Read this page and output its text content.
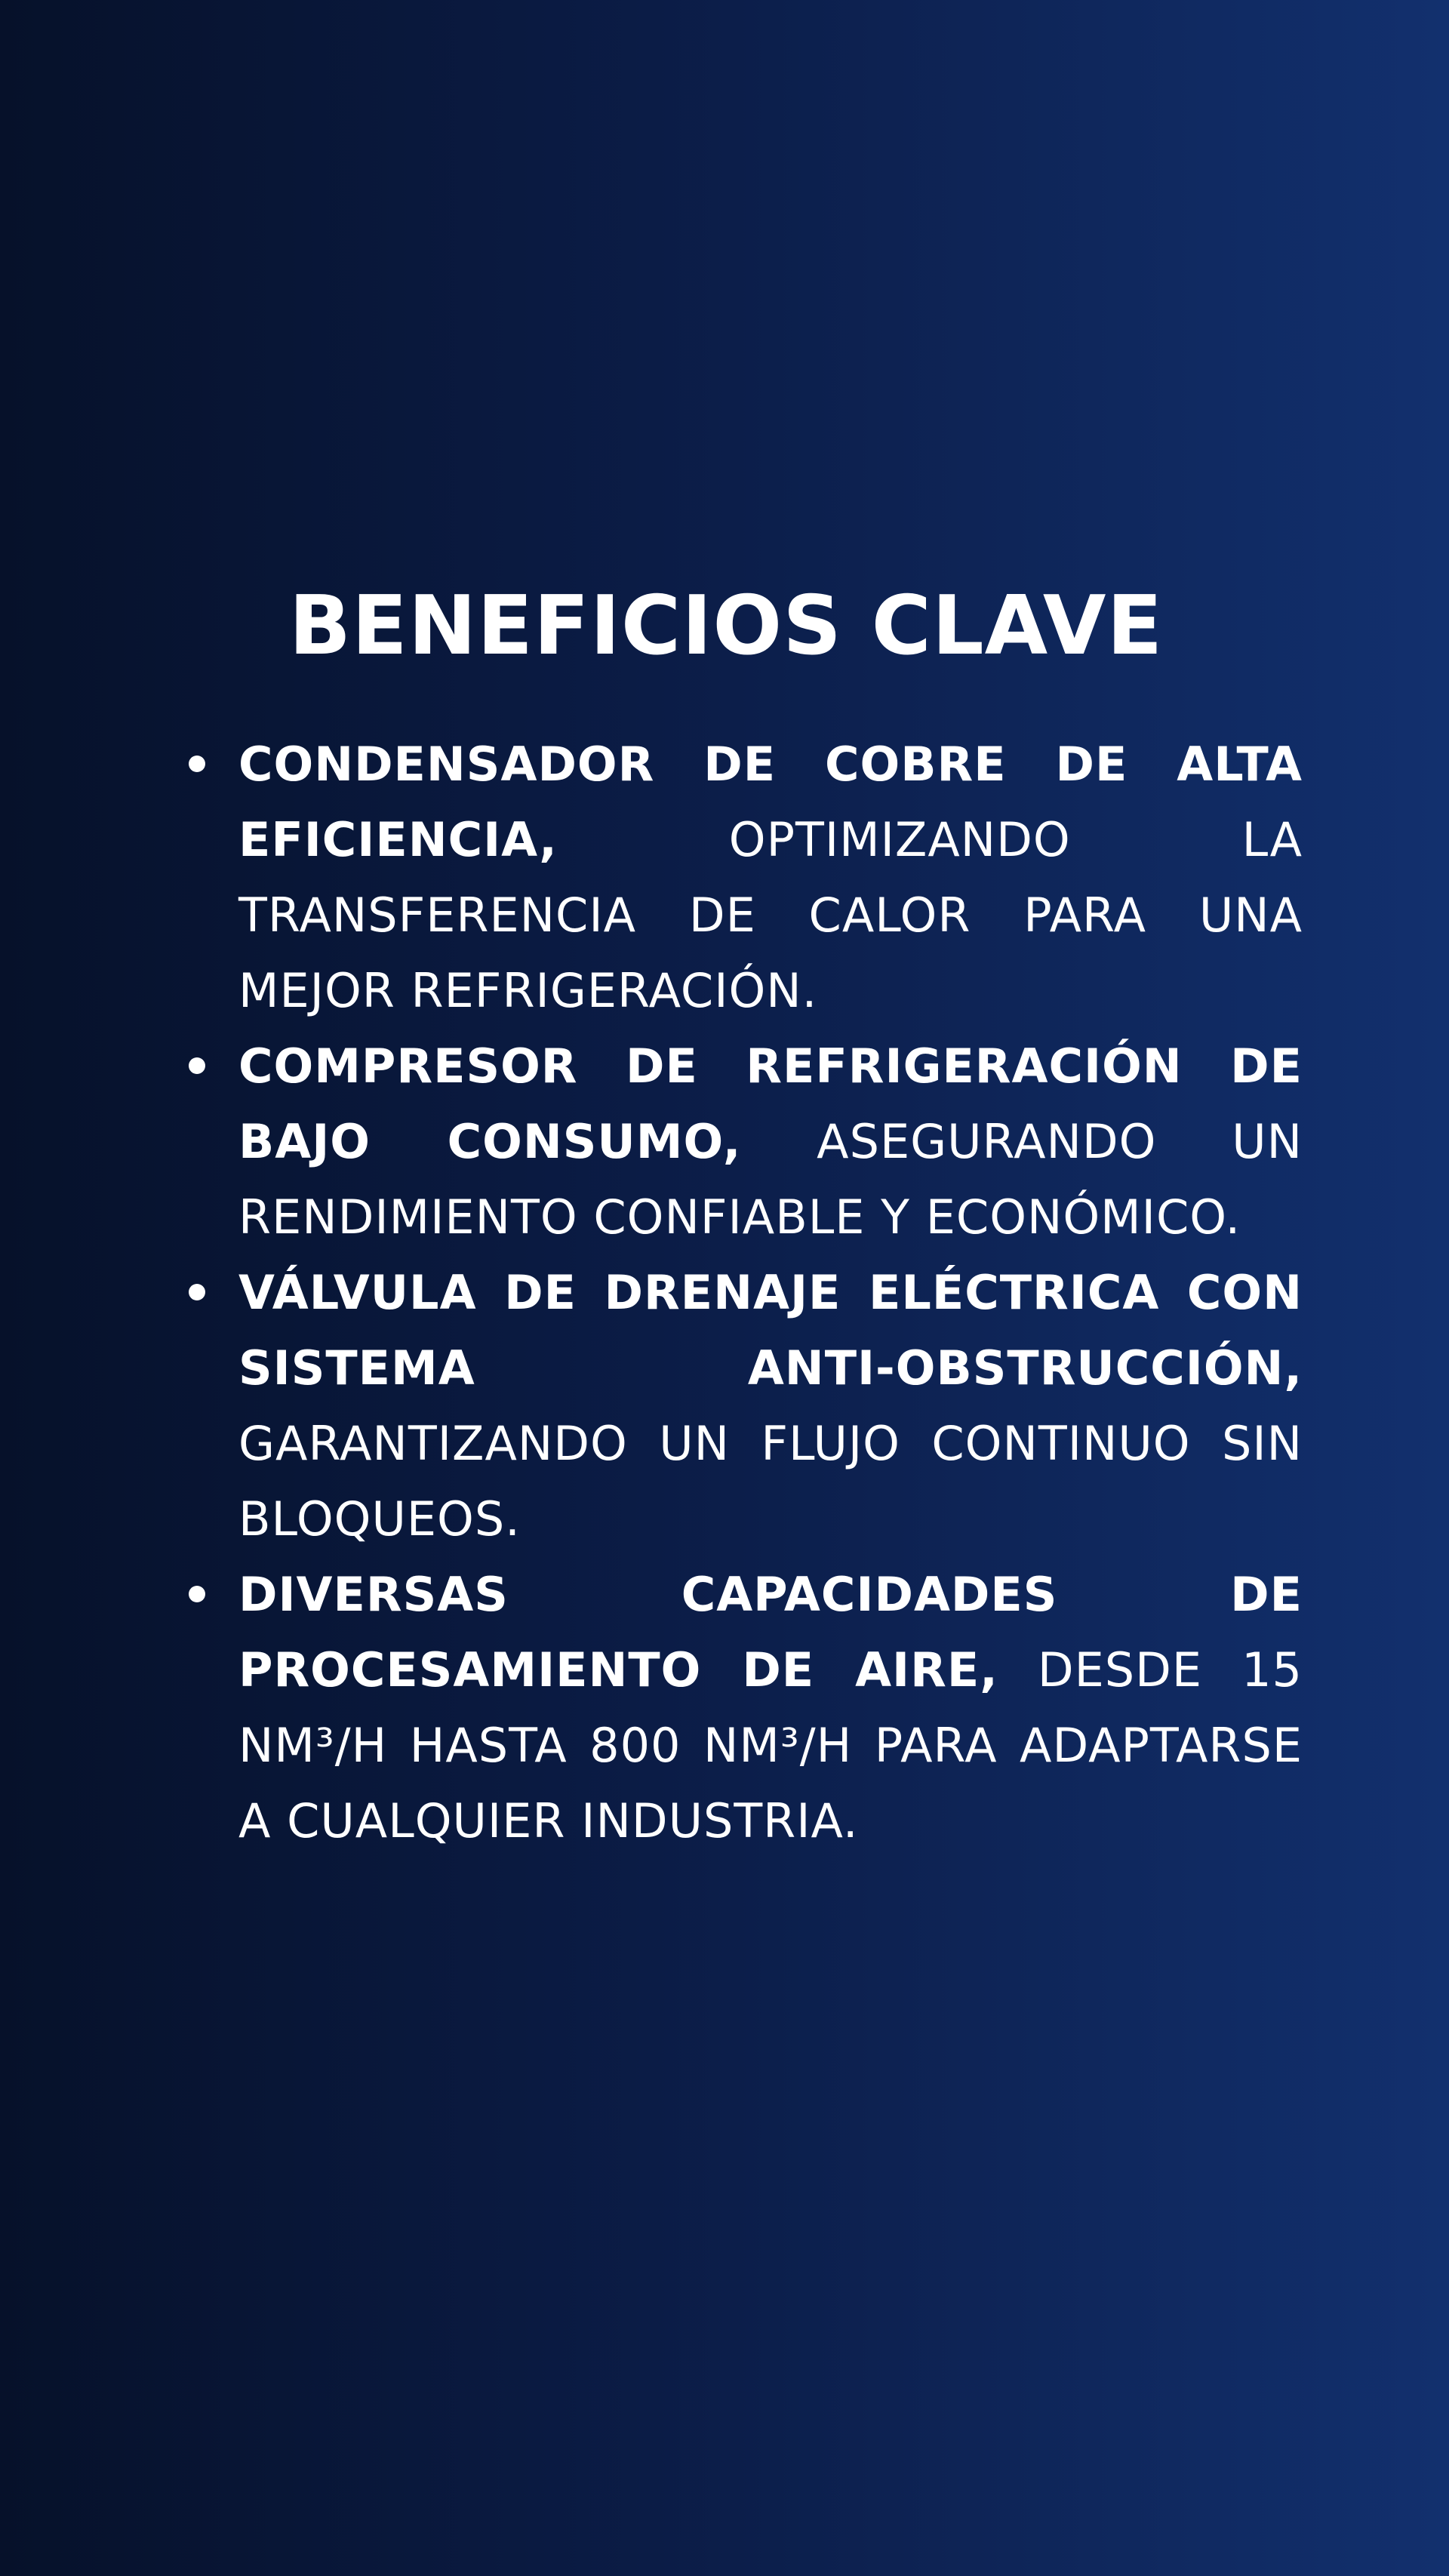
BENEFICIOS CLAVE
CONDENSADOR DE COBRE DE ALTA EFICIENCIA,	OPTIMIZANDO LA TRANSFERENCIA DE CALOR PARA UNA MEJOR REFRIGERACIÓN.
COMPRESOR DE REFRIGERACIÓN DE BAJO CONSUMO, ASEGURANDO UN RENDIMIENTO CONFIABLE Y ECONÓMICO.
VÁLVULA DE DRENAJE ELÉCTRICA CON SISTEMA ANTI-OBSTRUCCIÓN, GARANTIZANDO UN FLUJO CONTINUO SIN BLOQUEOS.
DIVERSAS CAPACIDADES DE PROCESAMIENTO DE AIRE, DESDE 15 NM³/H HASTA 800 NM³/H PARA ADAPTARSE A CUALQUIER INDUSTRIA.
